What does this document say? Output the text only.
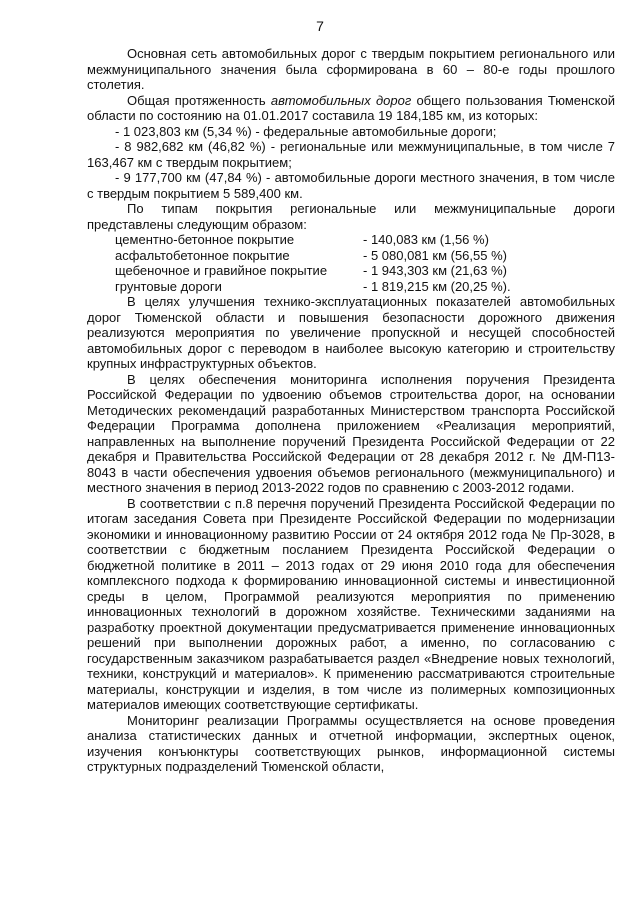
7

Основная сеть автомобильных дорог с твердым покрытием регионального или межмуниципального значения была сформирована в 60 – 80-е годы прошлого столетия.

Общая протяженность автомобильных дорог общего пользования Тюменской области по состоянию на 01.01.2017 составила 19 184,185 км, из которых:

- 1 023,803 км (5,34 %) - федеральные автомобильные дороги;

- 8 982,682 км (46,82 %) - региональные или межмуниципальные, в том числе 7 163,467 км с твердым покрытием;

- 9 177,700 км (47,84 %) - автомобильные дороги местного значения, в том числе с твердым покрытием 5 589,400 км.

По типам покрытия региональные или межмуниципальные дороги представлены следующим образом:

цементно-бетонное покрытие	- 140,083 км (1,56 %)
асфальтобетонное покрытие	- 5 080,081 км (56,55 %)
щебеночное и гравийное покрытие	- 1 943,303 км (21,63 %)
грунтовые дороги	- 1 819,215 км (20,25 %).

В целях улучшения технико-эксплуатационных показателей автомобильных дорог Тюменской области и повышения безопасности дорожного движения реализуются мероприятия по увеличение пропускной и несущей способностей автомобильных дорог с переводом в наиболее высокую категорию и строительству крупных инфраструктурных объектов.

В целях обеспечения мониторинга исполнения поручения Президента Российской Федерации по удвоению объемов строительства дорог, на основании Методических рекомендаций разработанных Министерством транспорта Российской Федерации Программа дополнена приложением «Реализация мероприятий, направленных на выполнение поручений Президента Российской Федерации от 22 декабря и Правительства Российской Федерации от 28 декабря 2012 г. № ДМ-П13-8043 в части обеспечения удвоения объемов регионального (межмуниципального) и местного значения в период 2013-2022 годов по сравнению с 2003-2012 годами.

В соответствии с п.8 перечня поручений Президента Российской Федерации по итогам заседания Совета при Президенте Российской Федерации по модернизации экономики и инновационному развитию России от 24 октября 2012 года № Пр-3028, в соответствии с бюджетным посланием Президента Российской Федерации о бюджетной политике в 2011 – 2013 годах от 29 июня 2010 года для обеспечения комплексного подхода к формированию инновационной системы и инвестиционной среды в целом, Программой реализуются мероприятия по применению инновационных технологий в дорожном хозяйстве. Техническими заданиями на разработку проектной документации предусматривается применение инновационных решений при выполнении дорожных работ, а именно, по согласованию с государственным заказчиком разрабатывается раздел «Внедрение новых технологий, техники, конструкций и материалов». К применению рассматриваются строительные материалы, конструкции и изделия, в том числе из полимерных композиционных материалов имеющих соответствующие сертификаты.

Мониторинг реализации Программы осуществляется на основе проведения анализа статистических данных и отчетной информации, экспертных оценок, изучения конъюнктуры соответствующих рынков, информационной системы структурных подразделений Тюменской области,
